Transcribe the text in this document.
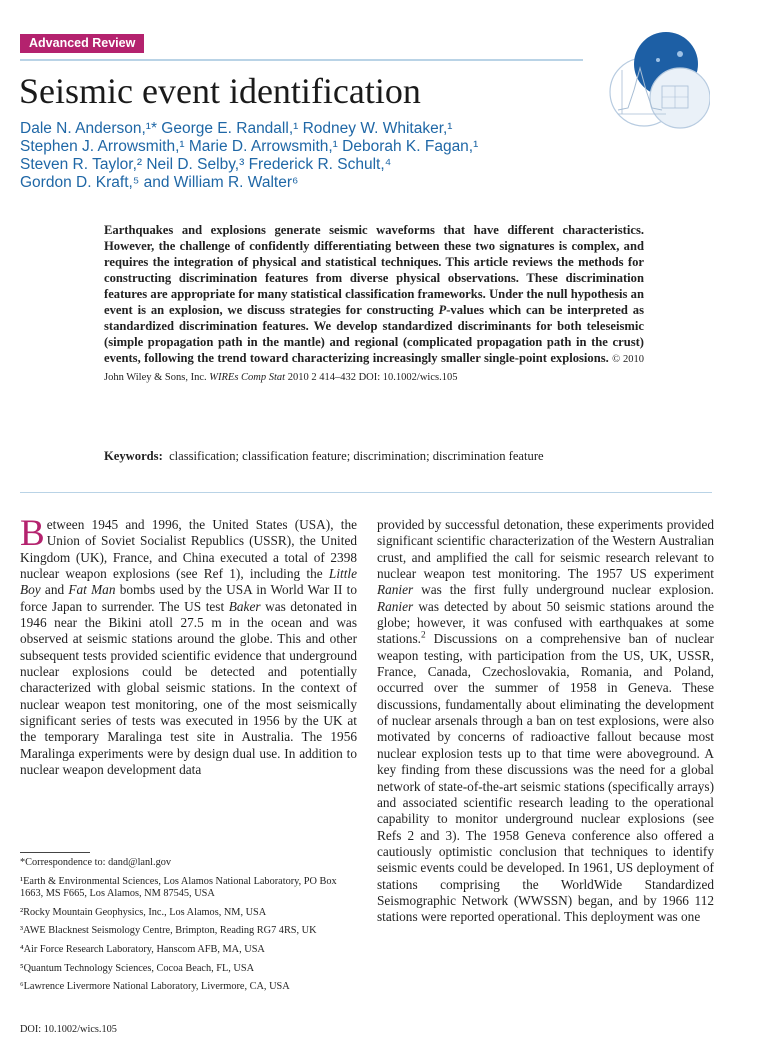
Advanced Review
Seismic event identification
Dale N. Anderson,¹* George E. Randall,¹ Rodney W. Whitaker,¹
Stephen J. Arrowsmith,¹ Marie D. Arrowsmith,¹ Deborah K. Fagan,¹
Steven R. Taylor,² Neil D. Selby,³ Frederick R. Schult,⁴
Gordon D. Kraft,⁵ and William R. Walter⁶

Earthquakes and explosions generate seismic waveforms that have different characteristics. However, the challenge of confidently differentiating between these two signatures is complex, and requires the integration of physical and statistical techniques. This article reviews the methods for constructing discrimination features from diverse physical observations. These discrimination features are appropriate for many statistical classification frameworks. Under the null hypothesis an event is an explosion, we discuss strategies for constructing P-values which can be interpreted as standardized discrimination features. We develop standardized discriminants for both teleseismic (simple propagation path in the mantle) and regional (complicated propagation path in the crust) events, following the trend toward characterizing increasingly smaller single-point explosions. © 2010 John Wiley & Sons, Inc. WIREs Comp Stat 2010 2 414–432 DOI: 10.1002/wics.105

Keywords: classification; classification feature; discrimination; discrimination feature

Between 1945 and 1996, the United States (USA), the Union of Soviet Socialist Republics (USSR), the United Kingdom (UK), France, and China executed a total of 2398 nuclear weapon explosions (see Ref 1), including the Little Boy and Fat Man bombs used by the USA in World War II to force Japan to surrender. The US test Baker was detonated in 1946 near the Bikini atoll 27.5 m in the ocean and was observed at seismic stations around the globe. This and other subsequent tests provided scientific evidence that underground nuclear explosions could be detected and potentially characterized with global seismic stations. In the context of nuclear weapon test monitoring, one of the most seismically significant series of tests was executed in 1956 by the UK at the temporary Maralinga test site in Australia. The 1956 Maralinga experiments were by design dual use. In addition to nuclear weapon development data

provided by successful detonation, these experiments provided significant scientific characterization of the Western Australian crust, and amplified the call for seismic research relevant to nuclear weapon test monitoring. The 1957 US experiment Ranier was the first fully underground nuclear explosion. Ranier was detected by about 50 seismic stations around the globe; however, it was confused with earthquakes at some stations.$^2$ Discussions on a comprehensive ban of nuclear weapon testing, with participation from the US, UK, USSR, France, Canada, Czechoslovakia, Romania, and Poland, occurred over the summer of 1958 in Geneva. These discussions, fundamentally about eliminating the development of nuclear arsenals through a ban on test explosions, were also motivated by concerns of radioactive fallout because most nuclear explosion tests up to that time were aboveground. A key finding from these discussions was the need for a global network of state-of-the-art seismic stations (specifically arrays) and associated scientific research leading to the operational capability to monitor underground nuclear explosions (see Refs 2 and 3). The 1958 Geneva conference also offered a cautiously optimistic conclusion that techniques to identify seismic events could be developed. In 1961, US deployment of stations comprising the WorldWide Standardized Seismographic Network (WWSSN) began, and by 1966 112 stations were reported operational. This deployment was one

*Correspondence to: dand@lanl.gov

¹Earth & Environmental Sciences, Los Alamos National Laboratory, PO Box 1663, MS F665, Los Alamos, NM 87545, USA

²Rocky Mountain Geophysics, Inc., Los Alamos, NM, USA

³AWE Blacknest Seismology Centre, Brimpton, Reading RG7 4RS, UK

⁴Air Force Research Laboratory, Hanscom AFB, MA, USA

⁵Quantum Technology Sciences, Cocoa Beach, FL, USA

⁶Lawrence Livermore National Laboratory, Livermore, CA, USA

DOI: 10.1002/wics.105
